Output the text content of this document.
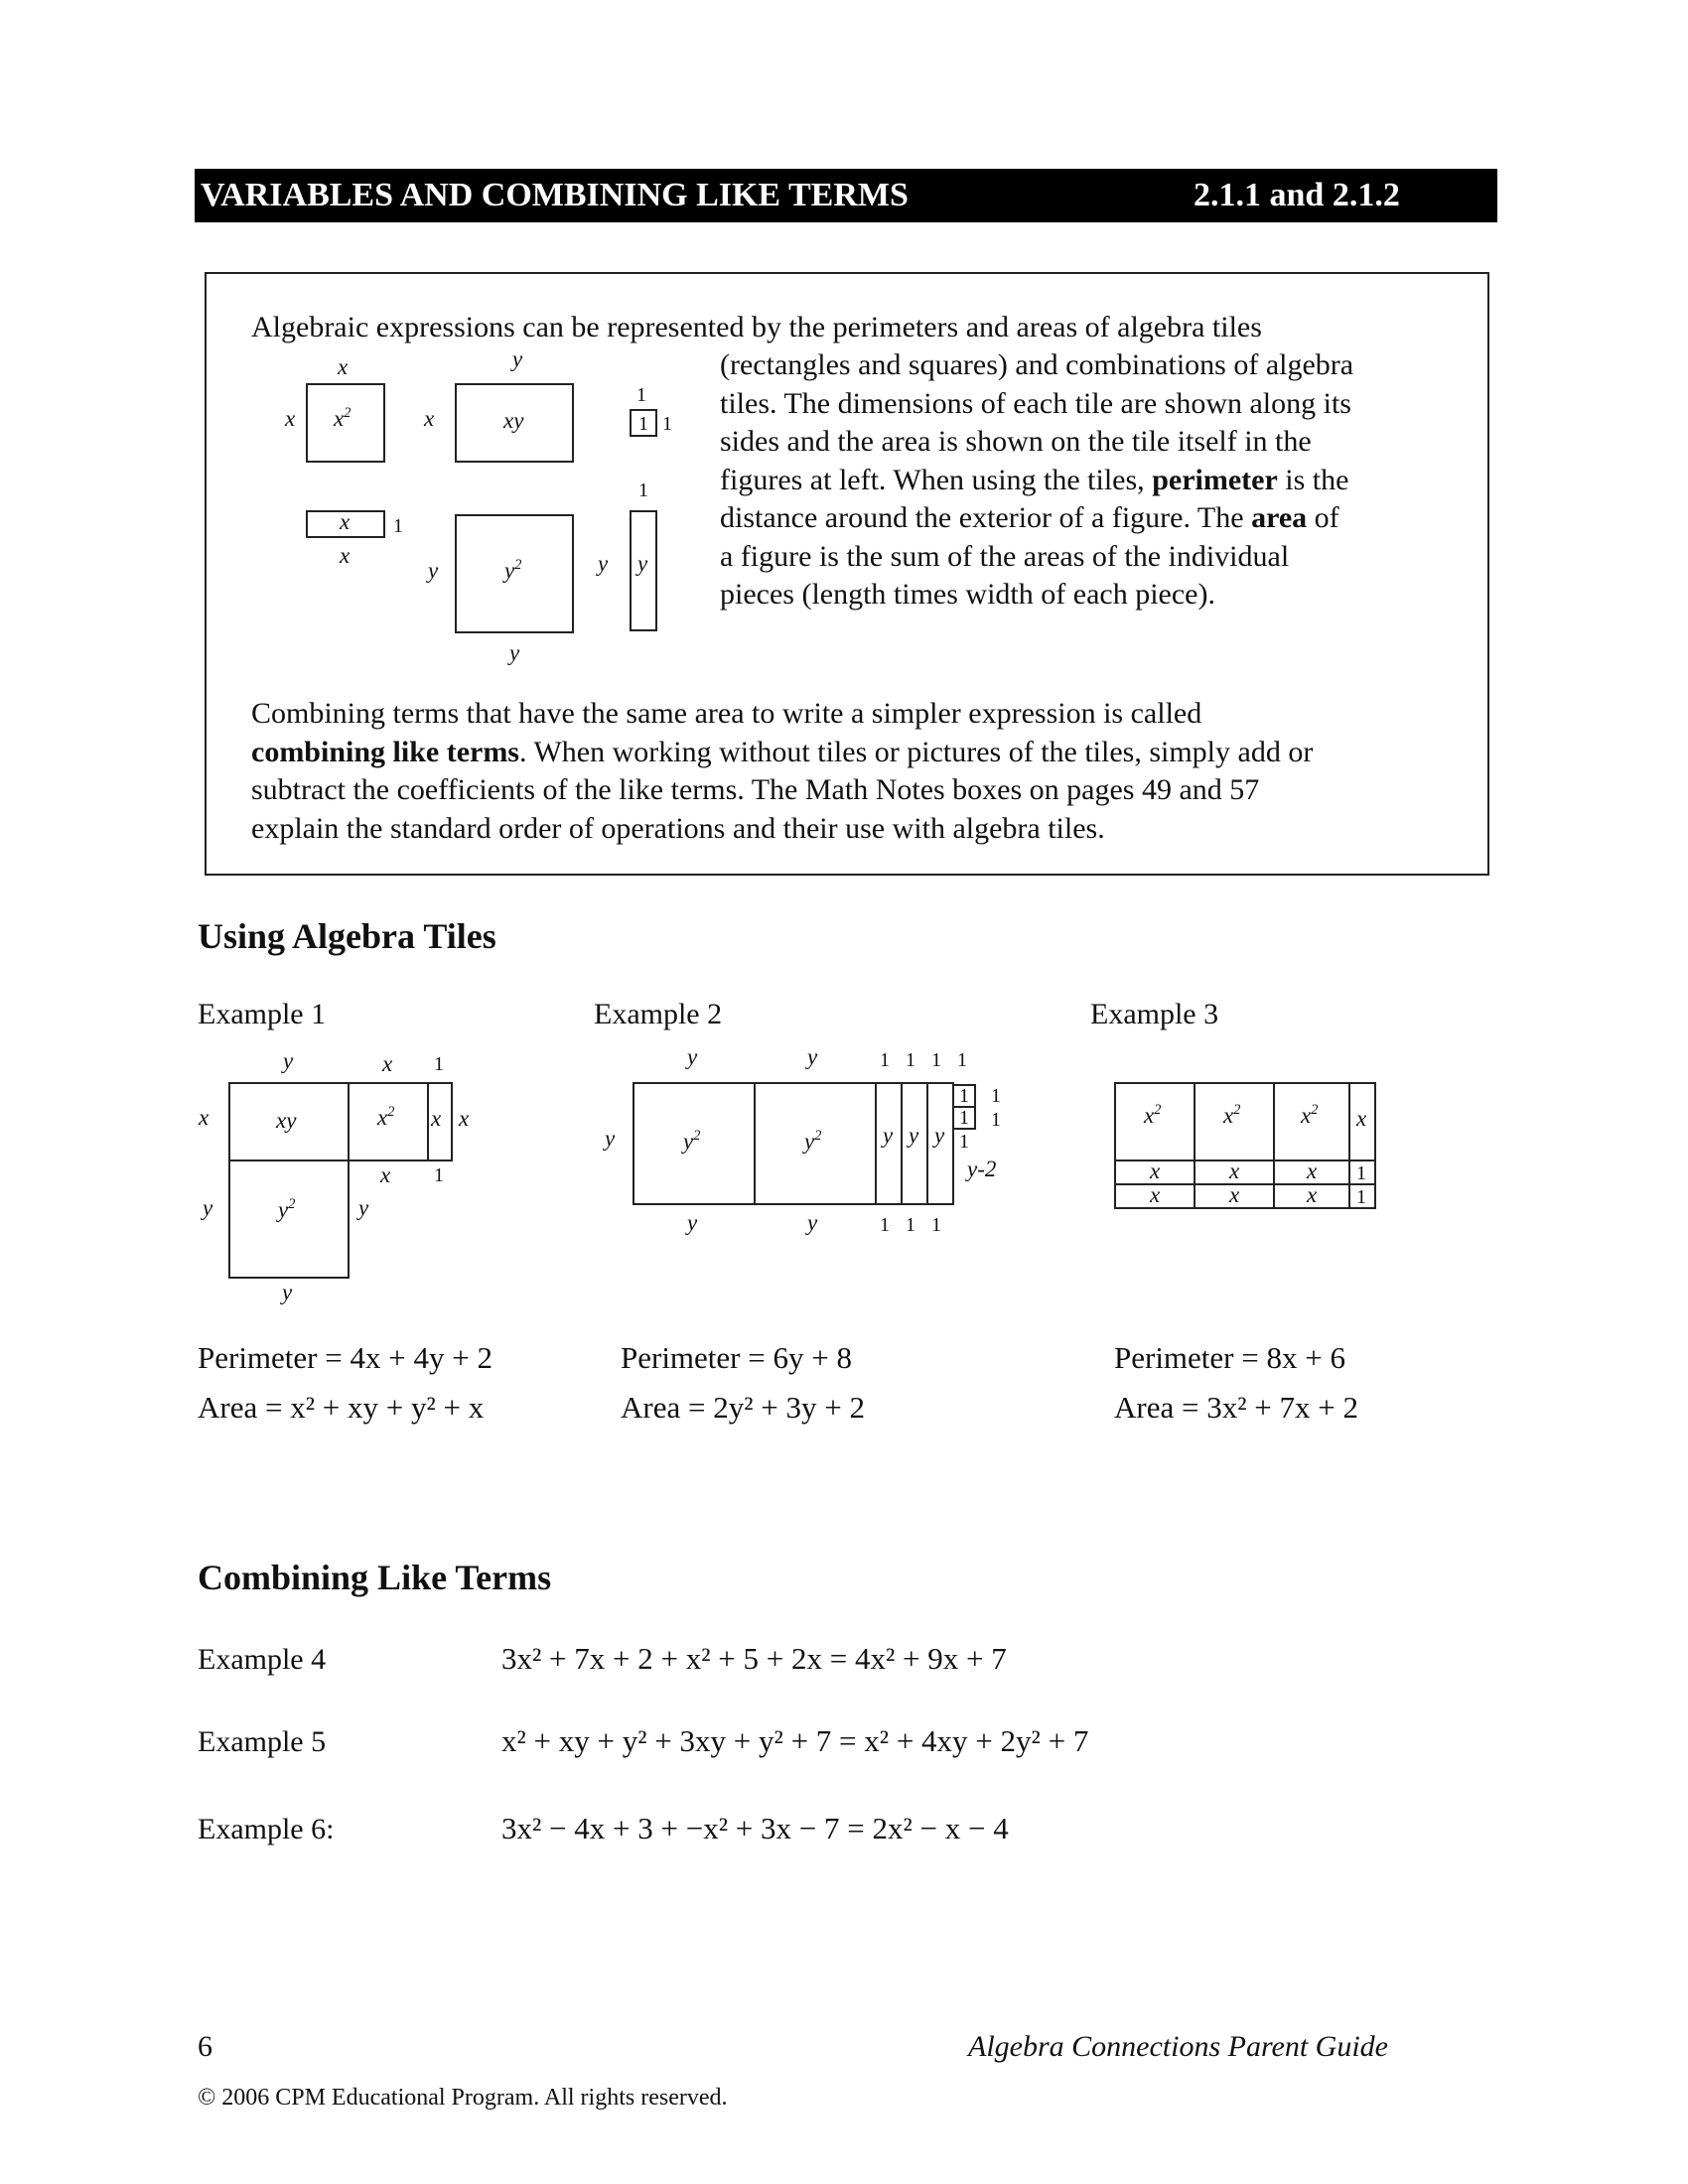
VARIABLES AND COMBINING LIKE TERMS	2.1.1 and 2.1.2
Algebraic expressions can be represented by the perimeters and areas of algebra tiles
(rectangles and squares) and combinations of algebra
tiles. The dimensions of each tile are shown along its
sides and the area is shown on the tile itself in the
figures at left. When using the tiles, perimeter is the
distance around the exterior of a figure. The area of
a figure is the sum of the areas of the individual
pieces (length times width of each piece).
x
x $x^2$
y
x	xy
1
1 1
x 1
x
y	$y^2$
y
1
y y
Combining terms that have the same area to write a simpler expression is called
combining like terms. When working without tiles or pictures of the tiles, simply add or
subtract the coefficients of the like terms. The Math Notes boxes on pages 49 and 57
explain the standard order of operations and their use with algebra tiles.
Using Algebra Tiles
Example 1	Example 2	Example 3
y	x 1
x	xy	$x^2$ x x
x 1
y	$y^2$	y
y
y	y	1 1 1 1
y	$y^2$	$y^2$	y y y
1
1
1
1
1
y-2
y	y	1 1 1
$x^2$	$x^2$	$x^2$ x
x	x	x 1
x	x	x 1
Perimeter = 4x + 4y + 2
Area = x² + xy + y² + x
Perimeter = 6y + 8
Area = 2y² + 3y + 2
Perimeter = 8x + 6
Area = 3x² + 7x + 2
Combining Like Terms
Example 4	3x² + 7x + 2 + x² + 5 + 2x = 4x² + 9x + 7
Example 5	x² + xy + y² + 3xy + y² + 7 = x² + 4xy + 2y² + 7
Example 6:	3x² − 4x + 3 + −x² + 3x − 7 = 2x² − x − 4
6	Algebra Connections Parent Guide
© 2006 CPM Educational Program. All rights reserved.
